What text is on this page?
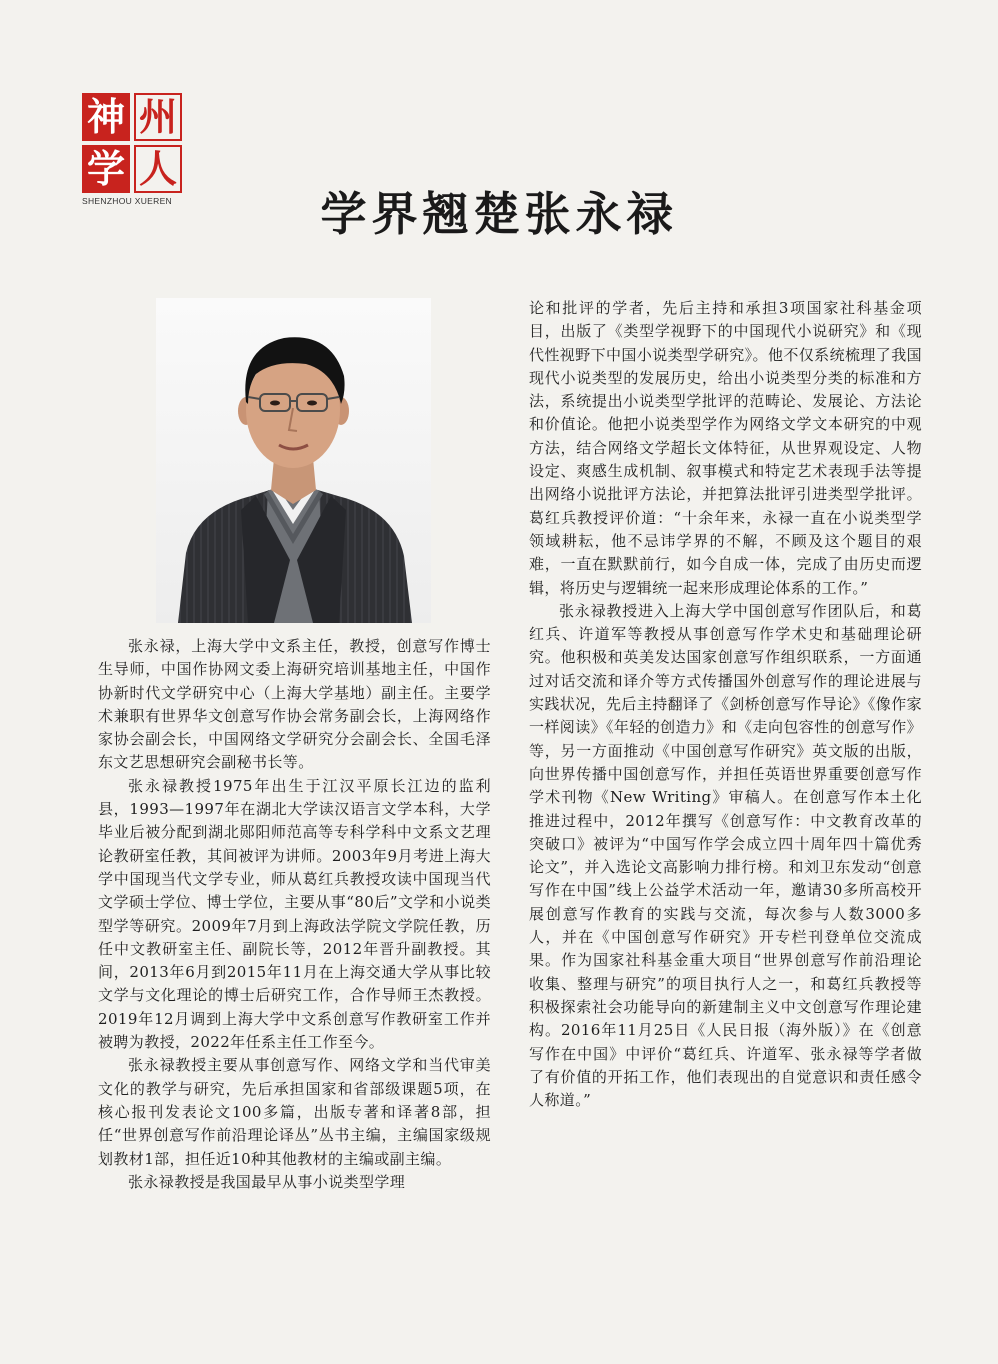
神 州
学 人
SHENZHOU XUEREN	学界翘楚张永禄

张永禄，上海大学中文系主任，教授，创意写作博士生导师，中国作协网文委上海研究培训基地主任，中国作协新时代文学研究中心（上海大学基地）副主任。主要学术兼职有世界华文创意写作协会常务副会长，上海网络作家协会副会长，中国网络文学研究分会副会长、全国毛泽东文艺思想研究会副秘书长等。

张永禄教授1975年出生于江汉平原长江边的监利县，1993—1997年在湖北大学读汉语言文学本科，大学毕业后被分配到湖北郧阳师范高等专科学科中文系文艺理论教研室任教，其间被评为讲师。2003年9月考进上海大学中国现当代文学专业，师从葛红兵教授攻读中国现当代文学硕士学位、博士学位，主要从事“80后”文学和小说类型学等研究。2009年7月到上海政法学院文学院任教，历任中文教研室主任、副院长等，2012年晋升副教授。其间，2013年6月到2015年11月在上海交通大学从事比较文学与文化理论的博士后研究工作，合作导师王杰教授。2019年12月调到上海大学中文系创意写作教研室工作并被聘为教授，2022年任系主任工作至今。

张永禄教授主要从事创意写作、网络文学和当代审美文化的教学与研究，先后承担国家和省部级课题5项，在核心报刊发表论文100多篇，出版专著和译著8部，担任“世界创意写作前沿理论译丛”丛书主编，主编国家级规划教材1部，担任近10种其他教材的主编或副主编。

张永禄教授是我国最早从事小说类型学理

论和批评的学者，先后主持和承担3项国家社科基金项目，出版了《类型学视野下的中国现代小说研究》和《现代性视野下中国小说类型学研究》。他不仅系统梳理了我国现代小说类型的发展历史，给出小说类型分类的标准和方法，系统提出小说类型学批评的范畴论、发展论、方法论和价值论。他把小说类型学作为网络文学文本研究的中观方法，结合网络文学超长文体特征，从世界观设定、人物设定、爽感生成机制、叙事模式和特定艺术表现手法等提出网络小说批评方法论，并把算法批评引进类型学批评。葛红兵教授评价道：“十余年来，永禄一直在小说类型学领域耕耘，他不忌讳学界的不解，不顾及这个题目的艰难，一直在默默前行，如今自成一体，完成了由历史而逻辑，将历史与逻辑统一起来形成理论体系的工作。”

张永禄教授进入上海大学中国创意写作团队后，和葛红兵、许道军等教授从事创意写作学术史和基础理论研究。他积极和英美发达国家创意写作组织联系，一方面通过对话交流和译介等方式传播国外创意写作的理论进展与实践状况，先后主持翻译了《剑桥创意写作导论》《像作家一样阅读》《年轻的创造力》和《走向包容性的创意写作》等，另一方面推动《中国创意写作研究》英文版的出版，向世界传播中国创意写作，并担任英语世界重要创意写作学术刊物《New Writing》审稿人。在创意写作本土化推进过程中，2012年撰写《创意写作：中文教育改革的突破口》被评为“中国写作学会成立四十周年四十篇优秀论文”，并入选论文高影响力排行榜。和刘卫东发动“创意写作在中国”线上公益学术活动一年，邀请30多所高校开展创意写作教育的实践与交流，每次参与人数3000多人，并在《中国创意写作研究》开专栏刊登单位交流成果。作为国家社科基金重大项目“世界创意写作前沿理论收集、整理与研究”的项目执行人之一，和葛红兵教授等积极探索社会功能导向的新建制主义中文创意写作理论建构。2016年11月25日《人民日报（海外版）》在《创意写作在中国》中评价“葛红兵、许道军、张永禄等学者做了有价值的开拓工作，他们表现出的自觉意识和责任感令人称道。”
